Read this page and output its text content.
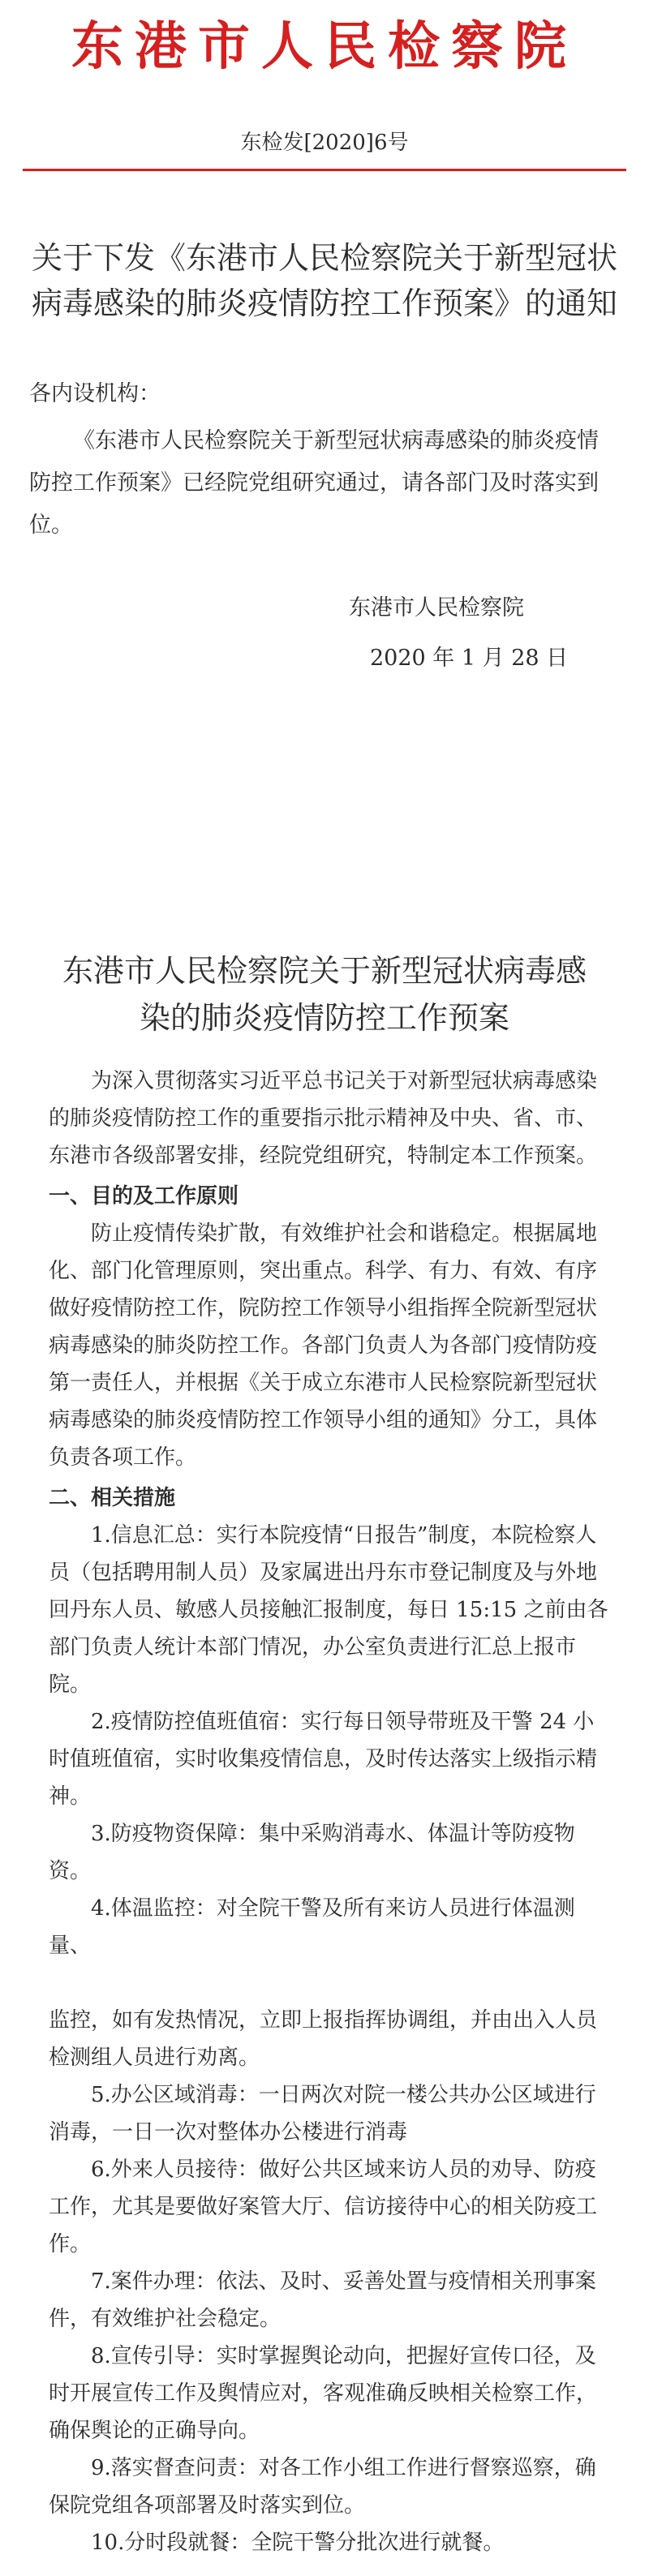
东港市人民检察院
东检发[2020]6号
关于下发《东港市人民检察院关于新型冠状病毒感染的肺炎疫情防控工作预案》的通知
各内设机构：
《东港市人民检察院关于新型冠状病毒感染的肺炎疫情防控工作预案》已经院党组研究通过，请各部门及时落实到位。
东港市人民检察院
2020 年 1 月 28 日
东港市人民检察院关于新型冠状病毒感染的肺炎疫情防控工作预案

为深入贯彻落实习近平总书记关于对新型冠状病毒感染的肺炎疫情防控工作的重要指示批示精神及中央、省、市、东港市各级部署安排，经院党组研究，特制定本工作预案。

一、目的及工作原则

防止疫情传染扩散，有效维护社会和谐稳定。根据属地化、部门化管理原则，突出重点。科学、有力、有效、有序做好疫情防控工作，院防控工作领导小组指挥全院新型冠状病毒感染的肺炎防控工作。各部门负责人为各部门疫情防疫第一责任人，并根据《关于成立东港市人民检察院新型冠状病毒感染的肺炎疫情防控工作领导小组的通知》分工，具体负责各项工作。

二、相关措施

1.信息汇总：实行本院疫情“日报告”制度，本院检察人员（包括聘用制人员）及家属进出丹东市登记制度及与外地回丹东人员、敏感人员接触汇报制度，每日 15:15 之前由各部门负责人统计本部门情况，办公室负责进行汇总上报市院。

2.疫情防控值班值宿：实行每日领导带班及干警 24 小时值班值宿，实时收集疫情信息，及时传达落实上级指示精神。

3.防疫物资保障：集中采购消毒水、体温计等防疫物资。

4.体温监控：对全院干警及所有来访人员进行体温测量、

监控，如有发热情况，立即上报指挥协调组，并由出入人员检测组人员进行劝离。

5.办公区域消毒：一日两次对院一楼公共办公区域进行消毒，一日一次对整体办公楼进行消毒

6.外来人员接待：做好公共区域来访人员的劝导、防疫工作，尤其是要做好案管大厅、信访接待中心的相关防疫工作。

7.案件办理：依法、及时、妥善处置与疫情相关刑事案件，有效维护社会稳定。

8.宣传引导：实时掌握舆论动向，把握好宣传口径，及时开展宣传工作及舆情应对，客观准确反映相关检察工作，确保舆论的正确导向。

9.落实督查问责：对各工作小组工作进行督察巡察，确保院党组各项部署及时落实到位。

10.分时段就餐：全院干警分批次进行就餐。
